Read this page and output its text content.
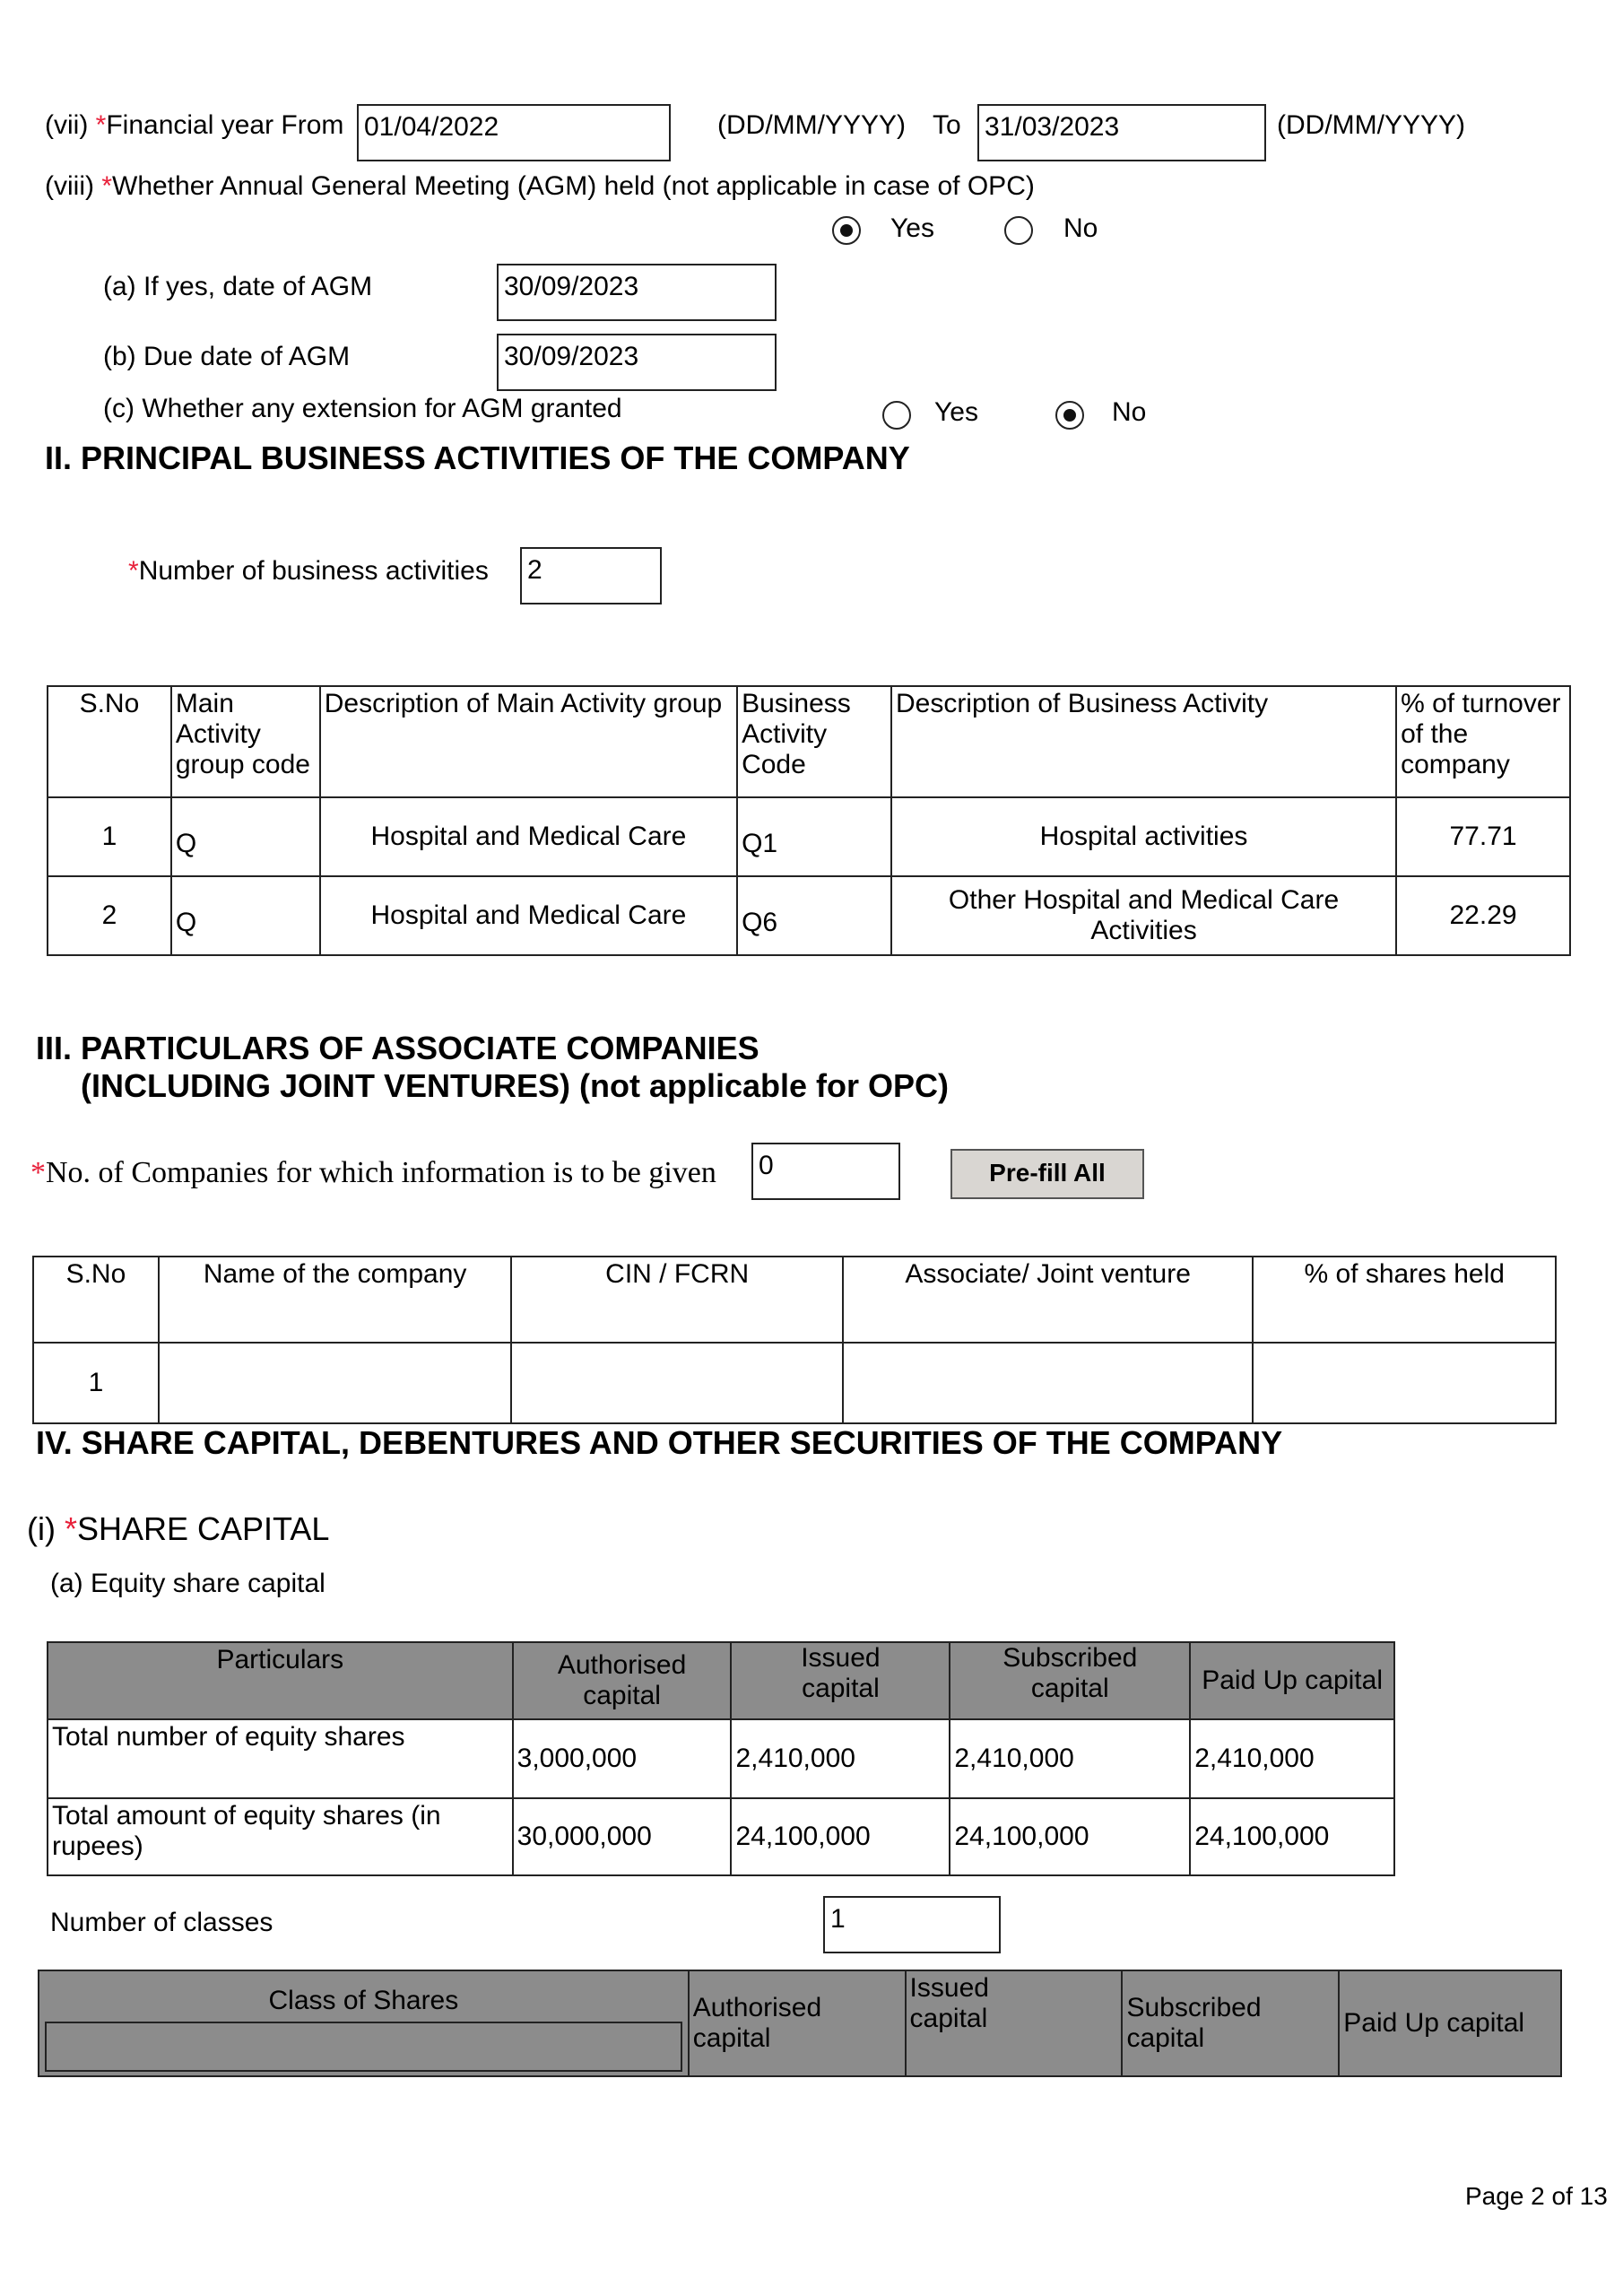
(vii) *Financial year From 01/04/2022	(DD/MM/YYYY) To 31/03/2023	(DD/MM/YYYY)
(viii) *Whether Annual General Meeting (AGM) held (not applicable in case of OPC)
Yes	No
(a) If yes, date of AGM	30/09/2023
(b) Due date of AGM	30/09/2023
(c) Whether any extension for AGM granted	Yes	No
II. PRINCIPAL BUSINESS ACTIVITIES OF THE COMPANY
*Number of business activities 2
S.No	Main Activity group code	Description of Main Activity group	Business Activity Code	Description of Business Activity	% of turnover of the company
1	Q	Hospital and Medical Care	Q1	Hospital activities	77.71
2	Q	Hospital and Medical Care	Q6	Other Hospital and Medical Care Activities	22.29
III. PARTICULARS OF ASSOCIATE COMPANIES
(INCLUDING JOINT VENTURES) (not applicable for OPC)
*No. of Companies for which information is to be given 0	Pre-fill All
S.No	Name of the company	CIN / FCRN	Associate/ Joint venture	% of shares held
1				
IV. SHARE CAPITAL, DEBENTURES AND OTHER SECURITIES OF THE COMPANY
(i) *SHARE CAPITAL
(a) Equity share capital
Particulars	Authorised capital	Issued capital	Subscribed capital	Paid Up capital
Total number of equity shares	3,000,000	2,410,000	2,410,000	2,410,000
Total amount of equity shares (in rupees)	30,000,000	24,100,000	24,100,000	24,100,000
Number of classes	1
Class of Shares	Authorised capital	Issued capital	Subscribed capital	Paid Up capital
Page 2 of 13
